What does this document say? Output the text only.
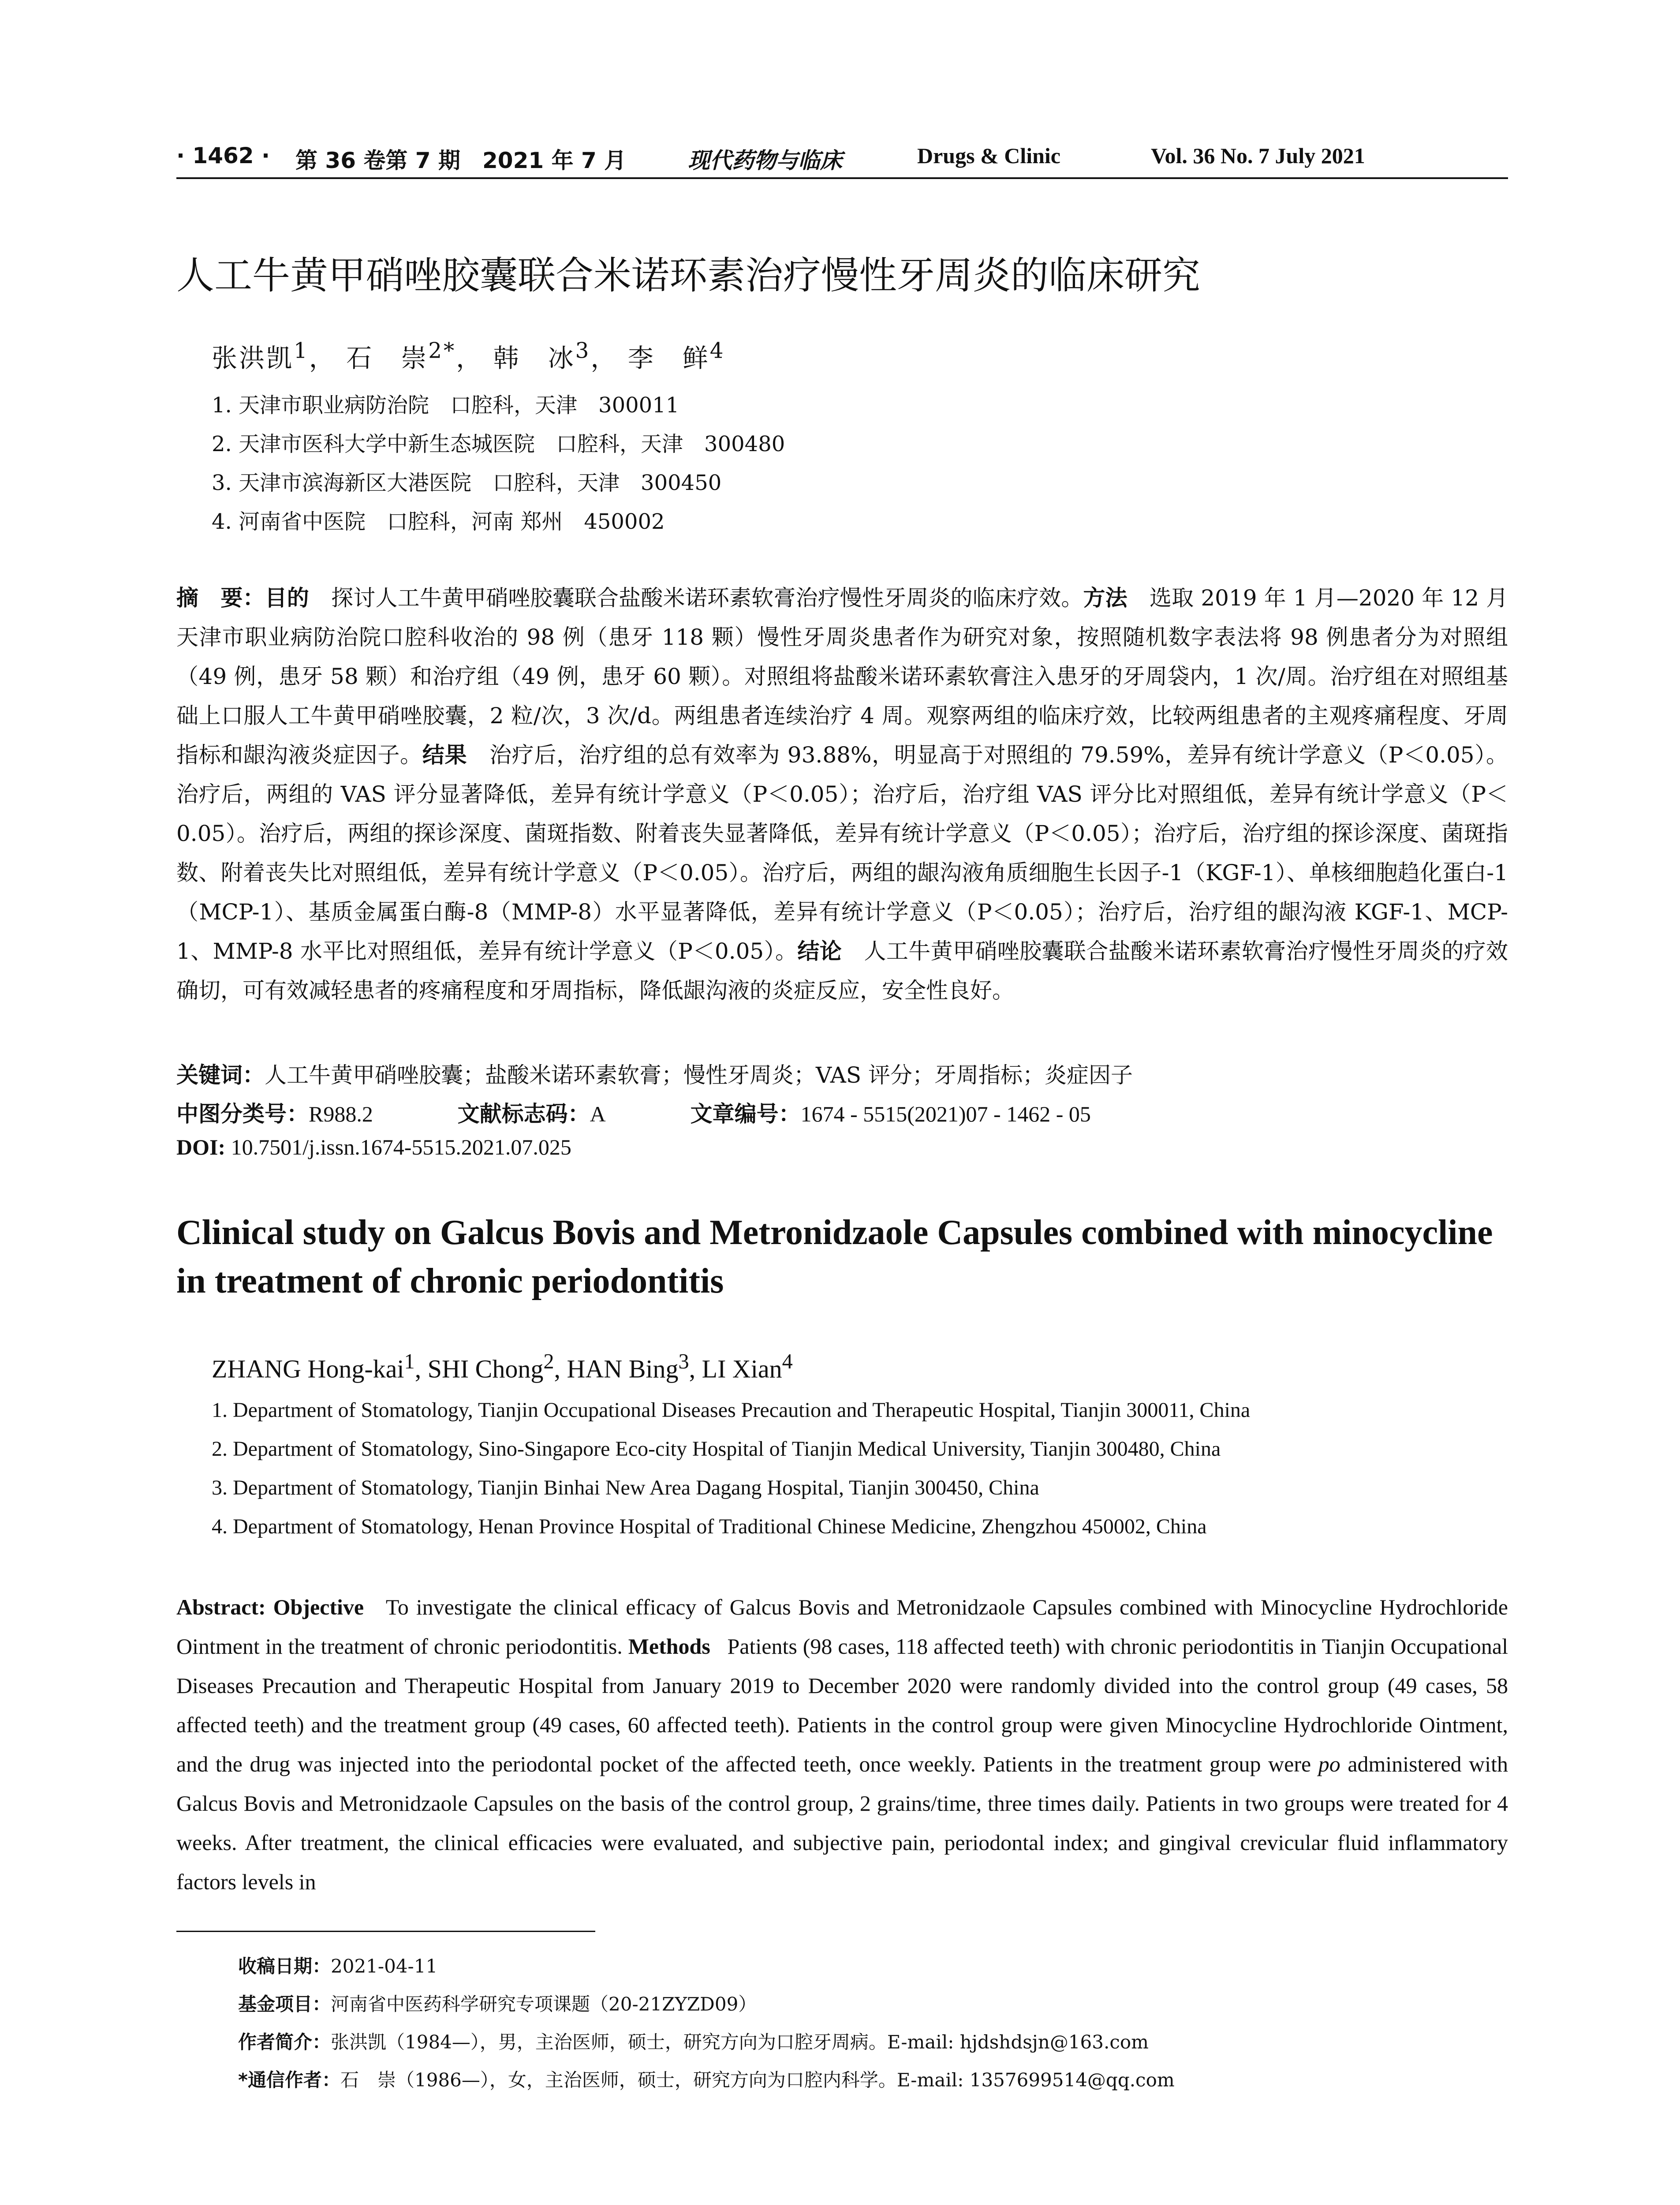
· 1462 · 第 36 卷第 7 期　2021 年 7 月	现代药物与临床	Drugs & Clinic	Vol. 36 No. 7 July 2021
人工牛黄甲硝唑胶囊联合米诺环素治疗慢性牙周炎的临床研究
张洪凯$^1$， 石　崇$^{2*}$， 韩　冰$^3$， 李　鲜$^4$
1. 天津市职业病防治院　口腔科，天津　300011
2. 天津市医科大学中新生态城医院　口腔科，天津　300480
3. 天津市滨海新区大港医院　口腔科，天津　300450
4. 河南省中医院　口腔科，河南 郑州　450002
摘　要：目的　 探讨人工牛黄甲硝唑胶囊联合盐酸米诺环素软膏治疗慢性牙周炎的临床疗效。方法　 选取 2019 年 1 月—2020 年 12 月天津市职业病防治院口腔科收治的 98 例（患牙 118 颗）慢性牙周炎患者作为研究对象，按照随机数字表法将 98 例患者分为对照组（49 例，患牙 58 颗）和治疗组（49 例，患牙 60 颗）。对照组将盐酸米诺环素软膏注入患牙的牙周袋内，1 次/周。治疗组在对照组基础上口服人工牛黄甲硝唑胶囊，2 粒/次，3 次/d。两组患者连续治疗 4 周。观察两组的临床疗效，比较两组患者的主观疼痛程度、牙周指标和龈沟液炎症因子。结果　 治疗后，治疗组的总有效率为 93.88%，明显高于对照组的 79.59%，差异有统计学意义（P＜0.05）。治疗后，两组的 VAS 评分显著降低，差异有统计学意义（P＜0.05）；治疗后，治疗组 VAS 评分比对照组低，差异有统计学意义（P＜0.05）。治疗后，两组的探诊深度、菌斑指数、附着丧失显著降低，差异有统计学意义（P＜0.05）；治疗后，治疗组的探诊深度、菌斑指数、附着丧失比对照组低，差异有统计学意义（P＜0.05）。治疗后，两组的龈沟液角质细胞生长因子-1（KGF-1）、单核细胞趋化蛋白-1（MCP-1）、基质金属蛋白酶-8（MMP-8）水平显著降低，差异有统计学意义（P＜0.05）；治疗后，治疗组的龈沟液 KGF-1、MCP-1、MMP-8 水平比对照组低，差异有统计学意义（P＜0.05）。结论　 人工牛黄甲硝唑胶囊联合盐酸米诺环素软膏治疗慢性牙周炎的疗效确切，可有效减轻患者的疼痛程度和牙周指标，降低龈沟液的炎症反应，安全性良好。
关键词：人工牛黄甲硝唑胶囊；盐酸米诺环素软膏；慢性牙周炎；VAS 评分；牙周指标；炎症因子
中图分类号：R988.2	文献标志码：A	文章编号：1674 - 5515(2021)07 - 1462 - 05
DOI: 10.7501/j.issn.1674-5515.2021.07.025
Clinical study on Galcus Bovis and Metronidzaole Capsules combined with minocycline in treatment of chronic periodontitis
ZHANG Hong-kai$^1$, SHI Chong$^2$, HAN Bing$^3$, LI Xian$^4$
1. Department of Stomatology, Tianjin Occupational Diseases Precaution and Therapeutic Hospital, Tianjin 300011, China
2. Department of Stomatology, Sino-Singapore Eco-city Hospital of Tianjin Medical University, Tianjin 300480, China
3. Department of Stomatology, Tianjin Binhai New Area Dagang Hospital, Tianjin 300450, China
4. Department of Stomatology, Henan Province Hospital of Traditional Chinese Medicine, Zhengzhou 450002, China
Abstract: Objective To investigate the clinical efficacy of Galcus Bovis and Metronidzaole Capsules combined with Minocycline Hydrochloride Ointment in the treatment of chronic periodontitis. Methods Patients (98 cases, 118 affected teeth) with chronic periodontitis in Tianjin Occupational Diseases Precaution and Therapeutic Hospital from January 2019 to December 2020 were randomly divided into the control group (49 cases, 58 affected teeth) and the treatment group (49 cases, 60 affected teeth). Patients in the control group were given Minocycline Hydrochloride Ointment, and the drug was injected into the periodontal pocket of the affected teeth, once weekly. Patients in the treatment group were po administered with Galcus Bovis and Metronidzaole Capsules on the basis of the control group, 2 grains/time, three times daily. Patients in two groups were treated for 4 weeks. After treatment, the clinical efficacies were evaluated, and subjective pain, periodontal index; and gingival crevicular fluid inflammatory factors levels in
收稿日期：2021-04-11
基金项目：河南省中医药科学研究专项课题（20-21ZYZD09）
作者简介：张洪凯（1984—），男，主治医师，硕士，研究方向为口腔牙周病。E-mail: hjdshdsjn@163.com
*通信作者：石　崇（1986—），女，主治医师，硕士，研究方向为口腔内科学。E-mail: 1357699514@qq.com
